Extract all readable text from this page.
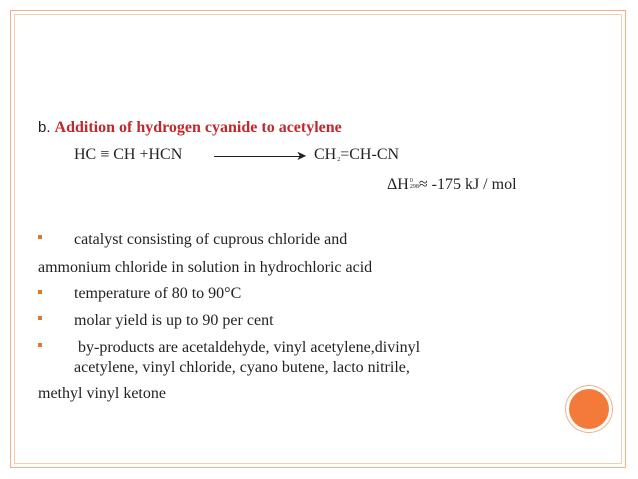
b. Addition of hydrogen cyanide to acetylene
HC ≡ CH +HCN	➤ $CH_2=CH-CN$
ΔH0
298≈ -175 kJ / mol
catalyst consisting of cuprous chloride and
ammonium chloride in solution in hydrochloric acid
temperature of 80 to 90°C
molar yield is up to 90 per cent
by-products are acetaldehyde, vinyl acetylene,divinyl
acetylene, vinyl chloride, cyano butene, lacto nitrile,
methyl vinyl ketone
